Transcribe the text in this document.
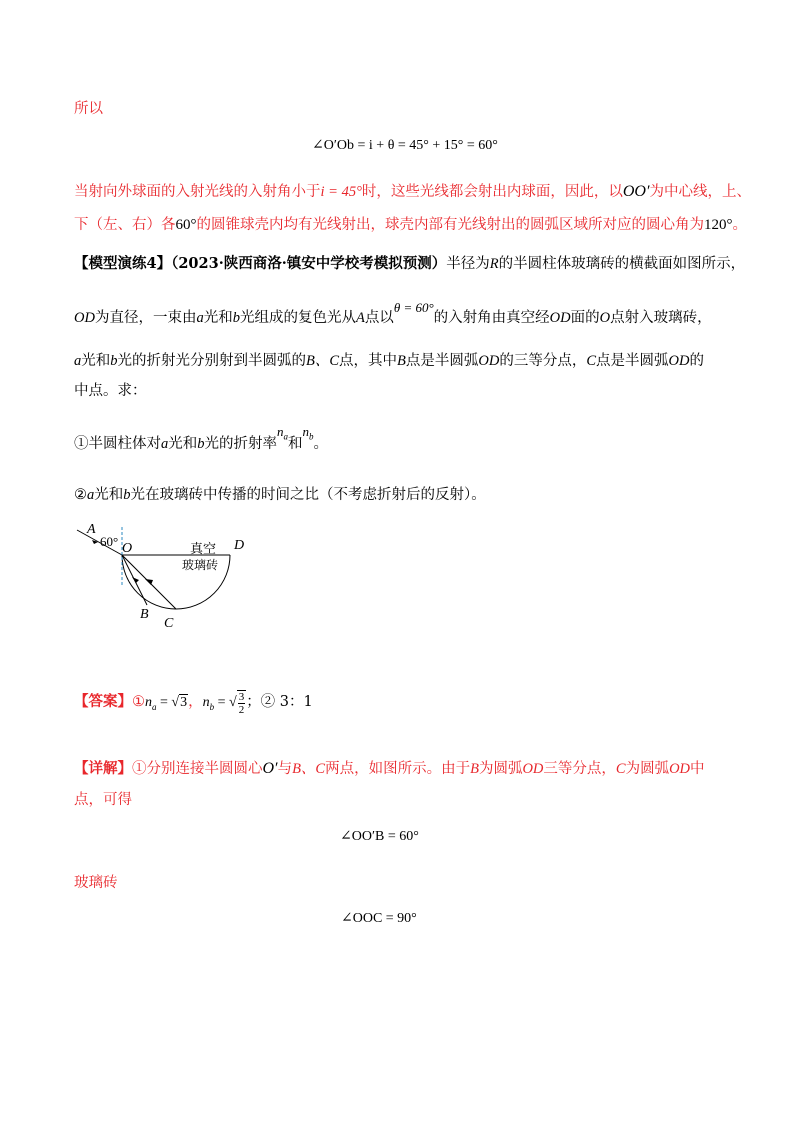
所以
∠O′Ob = i + θ = 45° + 15° = 60°
当射向外球面的入射光线的入射角小于i = 45°时，这些光线都会射出内球面，因此，以OO′为中心线，上、
下（左、右）各60°的圆锥球壳内均有光线射出，球壳内部有光线射出的圆弧区域所对应的圆心角为120°。
【模型演练4】（2023·陕西商洛·镇安中学校考模拟预测）半径为R的半圆柱体玻璃砖的横截面如图所示，
OD为直径，一束由a光和b光组成的复色光从A点以θ = 60°的入射角由真空经OD面的O点射入玻璃砖，
a光和b光的折射光分别射到半圆弧的B、C点，其中B点是半圆弧OD的三等分点，C点是半圆弧OD的
中点。求：
①半圆柱体对a光和b光的折射率$n_a$和$n_b$。
②a光和b光在玻璃砖中传播的时间之比（不考虑折射后的反射）。
A
60° O	真空 D
玻璃砖
B
C
【答案】$①n_a = √3$，$n_b$ = √ $\frac{3}{2}$；② 3：1
【详解】①分别连接半圆圆心O′与B、C两点，如图所示。由于B为圆弧OD三等分点，C为圆弧OD中
点，可得
∠OO′B = 60°
玻璃砖
∠OOC = 90°
